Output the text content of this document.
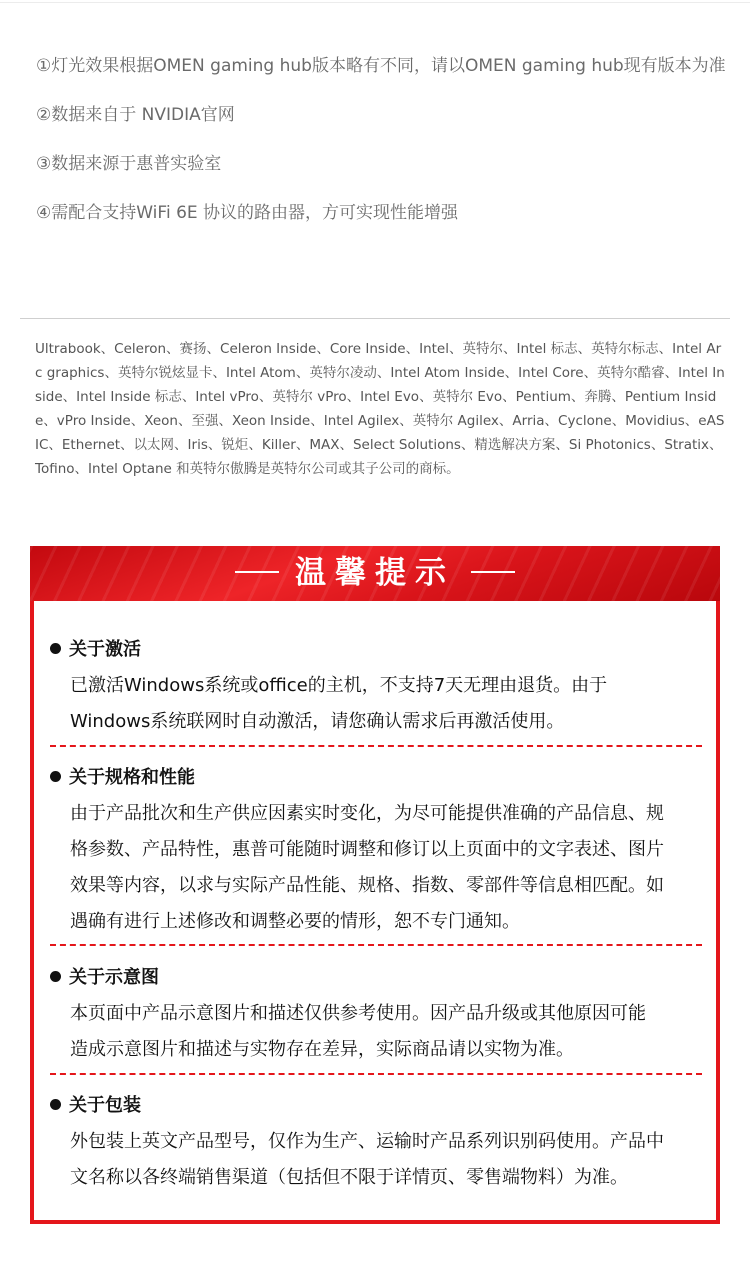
①灯光效果根据OMEN gaming hub版本略有不同，请以OMEN gaming hub现有版本为准
②数据来自于 NVIDIA官网
③数据来源于惠普实验室
④需配合支持WiFi 6E 协议的路由器，方可实现性能增强
Ultrabook、Celeron、赛扬、Celeron Inside、Core Inside、Intel、英特尔、Intel 标志、英特尔标志、Intel Arc graphics、英特尔锐炫显卡、Intel Atom、英特尔凌动、Intel Atom Inside、Intel Core、英特尔酷睿、Intel Inside、Intel Inside 标志、Intel vPro、英特尔 vPro、Intel Evo、英特尔 Evo、Pentium、奔腾、Pentium Inside、vPro Inside、Xeon、至强、Xeon Inside、Intel Agilex、英特尔 Agilex、Arria、Cyclone、Movidius、eASIC、Ethernet、以太网、Iris、锐炬、Killer、MAX、Select Solutions、精选解决方案、Si Photonics、Stratix、Tofino、Intel Optane 和英特尔傲腾是英特尔公司或其子公司的商标。
温馨提示
关于激活
已激活Windows系统或office的主机，不支持7天无理由退货。由于
Windows系统联网时自动激活，请您确认需求后再激活使用。
关于规格和性能
由于产品批次和生产供应因素实时变化，为尽可能提供准确的产品信息、规
格参数、产品特性，惠普可能随时调整和修订以上页面中的文字表述、图片
效果等内容，以求与实际产品性能、规格、指数、零部件等信息相匹配。如
遇确有进行上述修改和调整必要的情形，恕不专门通知。
关于示意图
本页面中产品示意图片和描述仅供参考使用。因产品升级或其他原因可能
造成示意图片和描述与实物存在差异，实际商品请以实物为准。
关于包装
外包装上英文产品型号，仅作为生产、运输时产品系列识别码使用。产品中
文名称以各终端销售渠道（包括但不限于详情页、零售端物料）为准。
